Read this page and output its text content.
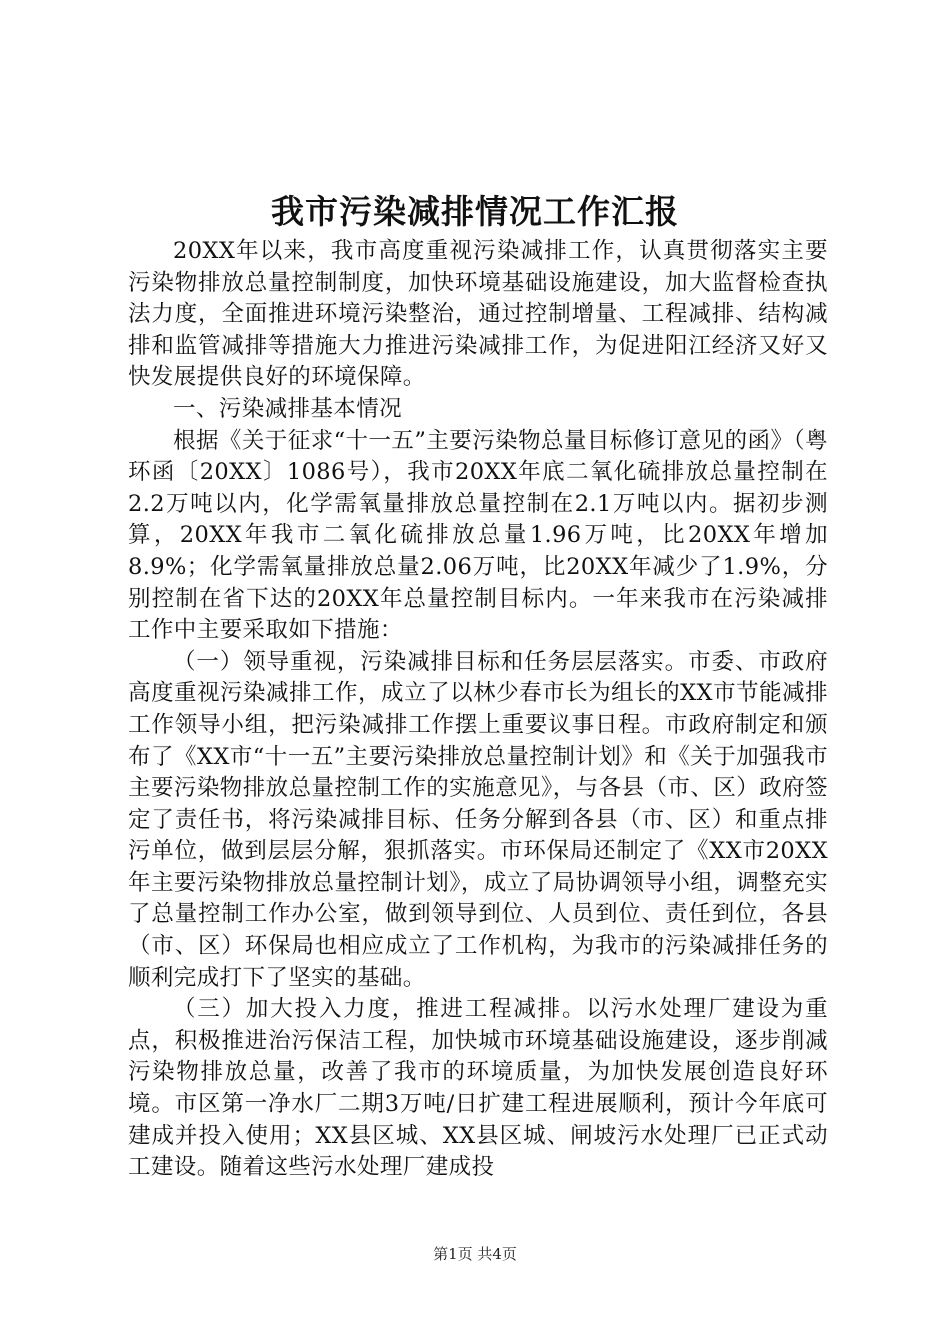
我市污染减排情况工作汇报

20XX年以来，我市高度重视污染减排工作，认真贯彻落实主要污染物排放总量控制制度，加快环境基础设施建设，加大监督检查执法力度，全面推进环境污染整治，通过控制增量、工程减排、结构减排和监管减排等措施大力推进污染减排工作，为促进阳江经济又好又快发展提供良好的环境保障。

一、污染减排基本情况

根据《关于征求“十一五”主要污染物总量目标修订意见的函》（粤环函〔20XX〕1086号），我市20XX年底二氧化硫排放总量控制在2.2万吨以内，化学需氧量排放总量控制在2.1万吨以内。据初步测算，20XX年我市二氧化硫排放总量1.96万吨，比20XX年增加8.9%；化学需氧量排放总量2.06万吨，比20XX年减少了1.9%，分别控制在省下达的20XX年总量控制目标内。一年来我市在污染减排工作中主要采取如下措施：

（一）领导重视，污染减排目标和任务层层落实。市委、市政府高度重视污染减排工作，成立了以林少春市长为组长的XX市节能减排工作领导小组，把污染减排工作摆上重要议事日程。市政府制定和颁布了《XX市“十一五”主要污染排放总量控制计划》和《关于加强我市主要污染物排放总量控制工作的实施意见》，与各县（市、区）政府签定了责任书，将污染减排目标、任务分解到各县（市、区）和重点排污单位，做到层层分解，狠抓落实。市环保局还制定了《XX市20XX年主要污染物排放总量控制计划》，成立了局协调领导小组，调整充实了总量控制工作办公室，做到领导到位、人员到位、责任到位，各县（市、区）环保局也相应成立了工作机构，为我市的污染减排任务的顺利完成打下了坚实的基础。

（三）加大投入力度，推进工程减排。以污水处理厂建设为重点，积极推进治污保洁工程，加快城市环境基础设施建设，逐步削减污染物排放总量，改善了我市的环境质量，为加快发展创造良好环境。市区第一净水厂二期3万吨/日扩建工程进展顺利，预计今年底可建成并投入使用；XX县区城、XX县区城、闸坡污水处理厂已正式动工建设。随着这些污水处理厂建成投

第1页 共4页
